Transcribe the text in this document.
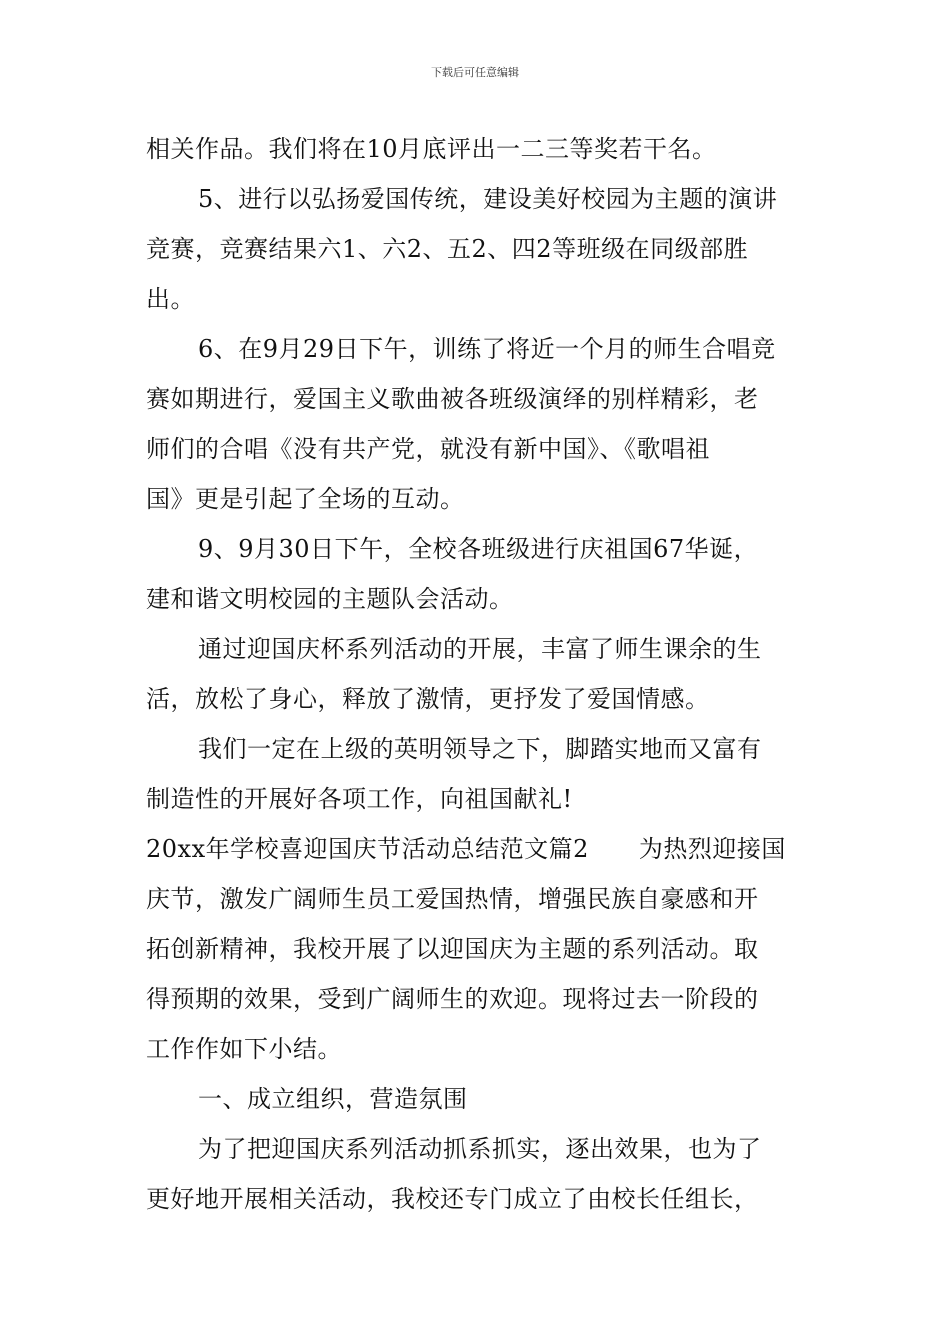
下载后可任意编辑
相关作品。我们将在10月底评出一二三等奖若干名。
5、进行以弘扬爱国传统，建设美好校园为主题的演讲
竞赛，竞赛结果六1、六2、五2、四2等班级在同级部胜
出。
6、在9月29日下午，训练了将近一个月的师生合唱竞
赛如期进行，爱国主义歌曲被各班级演绎的别样精彩，老
师们的合唱《没有共产党，就没有新中国》、《歌唱祖
国》更是引起了全场的互动。
9、9月30日下午，全校各班级进行庆祖国67华诞，
建和谐文明校园的主题队会活动。
通过迎国庆杯系列活动的开展，丰富了师生课余的生
活，放松了身心，释放了激情，更抒发了爱国情感。
我们一定在上级的英明领导之下，脚踏实地而又富有
制造性的开展好各项工作，向祖国献礼!
20xx年学校喜迎国庆节活动总结范文篇2 为热烈迎接国
庆节，激发广阔师生员工爱国热情，增强民族自豪感和开
拓创新精神，我校开展了以迎国庆为主题的系列活动。取
得预期的效果，受到广阔师生的欢迎。现将过去一阶段的
工作作如下小结。
一、成立组织，营造氛围
为了把迎国庆系列活动抓系抓实，逐出效果，也为了
更好地开展相关活动，我校还专门成立了由校长任组长，
